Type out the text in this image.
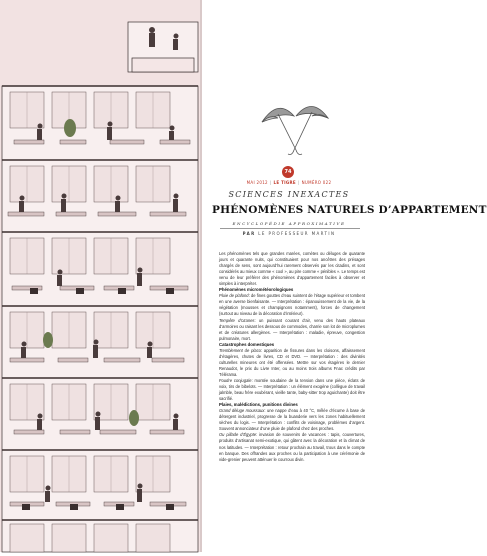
74
MAI 2012 | LE TIGRE | NUMÉRO 022
SCIENCES INEXACTES
PHÉNOMÈNES NATURELS D’APPARTEMENT
ENCYCLOPÉDIE APPROXIMATIVE
PAR LE PROFESSEUR MARTIN

Les phénomènes tels que grandes marées, comètes ou déluges de quarante jours et quarante nuits, qui constituaient pour nos ancêtres des présages chargés de sens, sont aujourd’hui rarement observés par les citadins, et sont considérés au mieux comme « cool », au pire comme « pénibles ». Le temps est venu de leur préférer des phénomènes d’appartement faciles à observer et simples à interpréter.

Phénomènes micrométéorologiques

Pluie de plafond: de fines gouttes d’eau suintent de l’étage supérieur et tombent en une averse bienfaisante. — Interprétation : épanouissement de la vie, de la végétation (mousses et champignons notamment), forces de changement (surtout au niveau de la décoration d’intérieur).

Tempête d’ozanes: un puissant courant d’air, venu des hauts plateaux d’armoires ou raisant les dessous de commodes, charrie son lot de microplumes et de créatures allergènes. — Interprétation : maladie, épreuve, congestion pulmonaire, mort.

Catastrophes domestiques

Tremblement de placo: apparition de fissures dans les cloisons, affaissement d’étagères, chutes de livres, CD et DVD. — Interprétation : des divinités culturelles mineures ont été offensées. Mettre sur vos étagères le dernier Renaudot, le prix du Livre Inter, ou au moins trois albums Fnac crédits par Télérama.

Foudre conjugale: montée soudaine de la tension dans une pièce, éclats de voix, tirs de bibelots. — Interprétation : un élément exogène (collègue de travail jalmble, beau frère exubérant, vieille tante, baby-sitter trop aguichante) doit être sacrifié.

Plaies, malédictions, punitions divines

Grand déluge moussaux: une nappe d’eau à 40 °C, mêlée d’écume à base de détergent industriel, progresse de la buanderie vers les zones habituellement sèches du logis. — Interprétation : conflits de voisinage, problèmes d’argent. Souvent annonciateur d’une pluie de plafond chez des proches.

Ou pillade d’Égypte: invasion de souvenirs de vacances : tapis, couvertures, produits d’artisanat semi-exotique, qui gâtent avec la décoration et la climat de nos latitudes. — Interprétation : retour prochain au travail, trous dans le compte en banque. Des offrandes aux proches ou la participation à une cérémonie de vide-grenier peuvent atténuer le courroux divin.
